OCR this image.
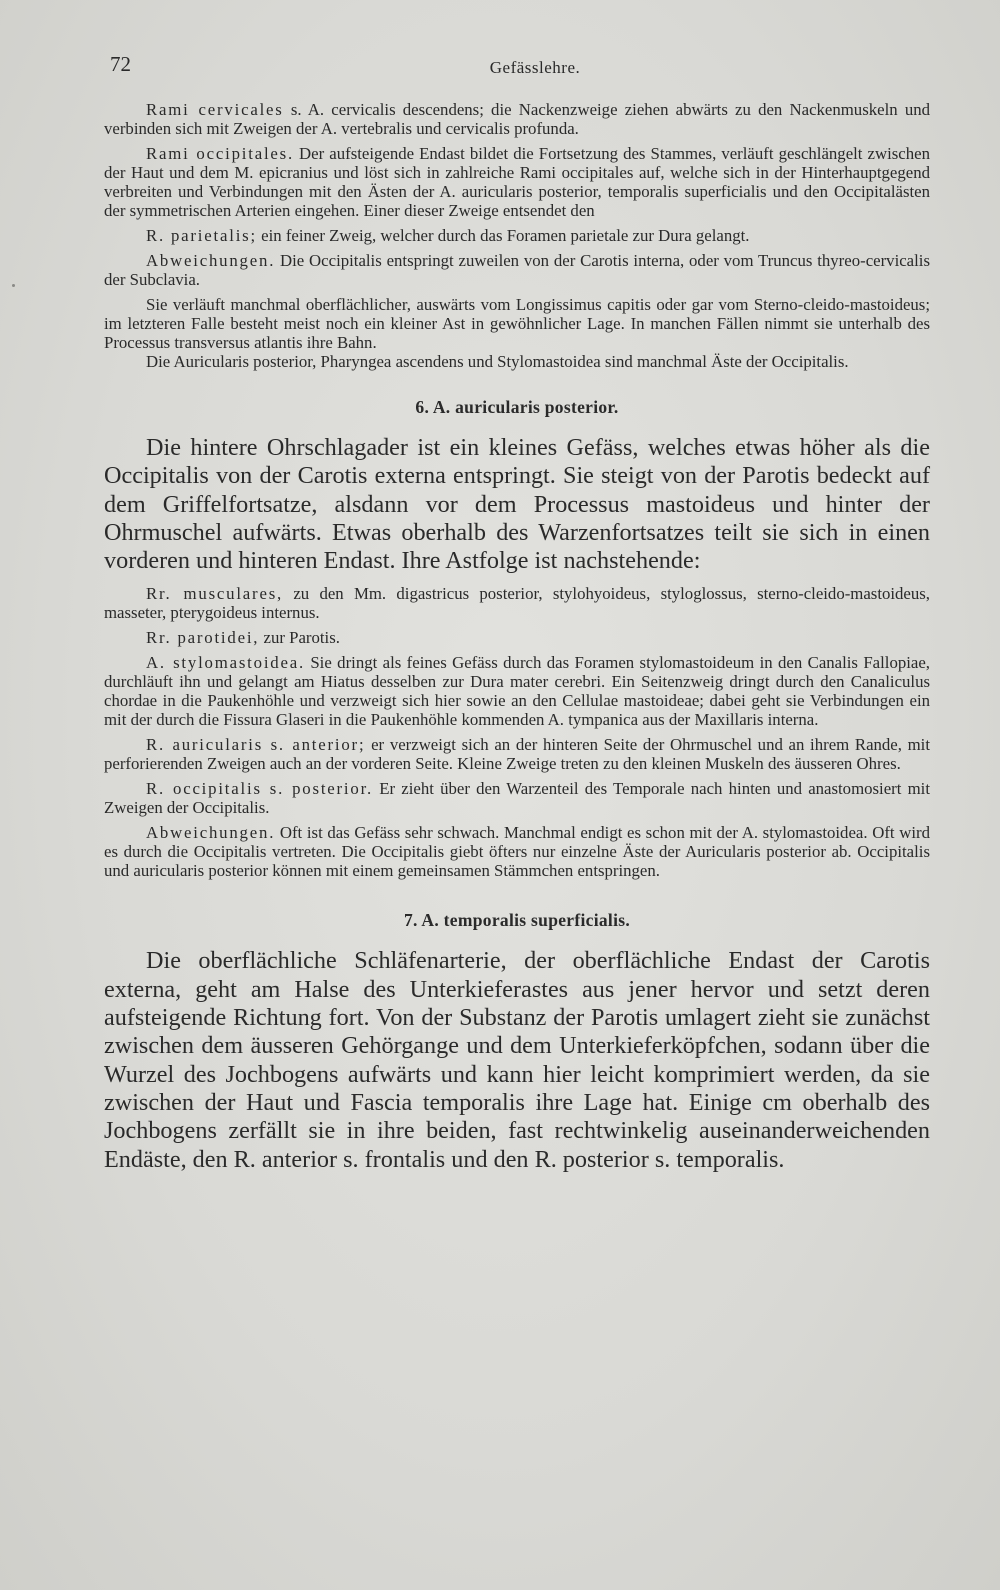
72	Gefässlehre.

Rami cervicales s. A. cervicalis descendens; die Nackenzweige ziehen abwärts zu den Nackenmuskeln und verbinden sich mit Zweigen der A. vertebralis und cervicalis profunda.

Rami occipitales. Der aufsteigende Endast bildet die Fortsetzung des Stammes, verläuft geschlängelt zwischen der Haut und dem M. epicranius und löst sich in zahlreiche Rami occipitales auf, welche sich in der Hinterhauptgegend verbreiten und Verbindungen mit den Ästen der A. auricularis posterior, temporalis superficialis und den Occipitalästen der symmetrischen Arterien eingehen. Einer dieser Zweige entsendet den

R. parietalis; ein feiner Zweig, welcher durch das Foramen parietale zur Dura gelangt.

Abweichungen. Die Occipitalis entspringt zuweilen von der Carotis interna, oder vom Truncus thyreo-cervicalis der Subclavia.

Sie verläuft manchmal oberflächlicher, auswärts vom Longissimus capitis oder gar vom Sterno-cleido-mastoideus; im letzteren Falle besteht meist noch ein kleiner Ast in gewöhnlicher Lage. In manchen Fällen nimmt sie unterhalb des Processus transversus atlantis ihre Bahn.

Die Auricularis posterior, Pharyngea ascendens und Stylomastoidea sind manchmal Äste der Occipitalis.

6. A. auricularis posterior.

Die hintere Ohrschlagader ist ein kleines Gefäss, welches etwas höher als die Occipitalis von der Carotis externa entspringt. Sie steigt von der Parotis bedeckt auf dem Griffelfortsatze, alsdann vor dem Processus mastoideus und hinter der Ohrmuschel aufwärts. Etwas oberhalb des Warzenfortsatzes teilt sie sich in einen vorderen und hinteren Endast. Ihre Astfolge ist nachstehende:

Rr. musculares, zu den Mm. digastricus posterior, stylohyoideus, styloglossus, sterno-cleido-mastoideus, masseter, pterygoideus internus.

Rr. parotidei, zur Parotis.

A. stylomastoidea. Sie dringt als feines Gefäss durch das Foramen stylomastoideum in den Canalis Fallopiae, durchläuft ihn und gelangt am Hiatus desselben zur Dura mater cerebri. Ein Seitenzweig dringt durch den Canaliculus chordae in die Paukenhöhle und verzweigt sich hier sowie an den Cellulae mastoideae; dabei geht sie Verbindungen ein mit der durch die Fissura Glaseri in die Paukenhöhle kommenden A. tympanica aus der Maxillaris interna.

R. auricularis s. anterior; er verzweigt sich an der hinteren Seite der Ohrmuschel und an ihrem Rande, mit perforierenden Zweigen auch an der vorderen Seite. Kleine Zweige treten zu den kleinen Muskeln des äusseren Ohres.

R. occipitalis s. posterior. Er zieht über den Warzenteil des Temporale nach hinten und anastomosiert mit Zweigen der Occipitalis.

Abweichungen. Oft ist das Gefäss sehr schwach. Manchmal endigt es schon mit der A. stylomastoidea. Oft wird es durch die Occipitalis vertreten. Die Occipitalis giebt öfters nur einzelne Äste der Auricularis posterior ab. Occipitalis und auricularis posterior können mit einem gemeinsamen Stämmchen entspringen.

7. A. temporalis superficialis.

Die oberflächliche Schläfenarterie, der oberflächliche Endast der Carotis externa, geht am Halse des Unterkieferastes aus jener hervor und setzt deren aufsteigende Richtung fort. Von der Substanz der Parotis umlagert zieht sie zunächst zwischen dem äusseren Gehörgange und dem Unterkieferköpfchen, sodann über die Wurzel des Jochbogens aufwärts und kann hier leicht komprimiert werden, da sie zwischen der Haut und Fascia temporalis ihre Lage hat. Einige cm oberhalb des Jochbogens zerfällt sie in ihre beiden, fast rechtwinkelig auseinanderweichenden Endäste, den R. anterior s. frontalis und den R. posterior s. temporalis.
